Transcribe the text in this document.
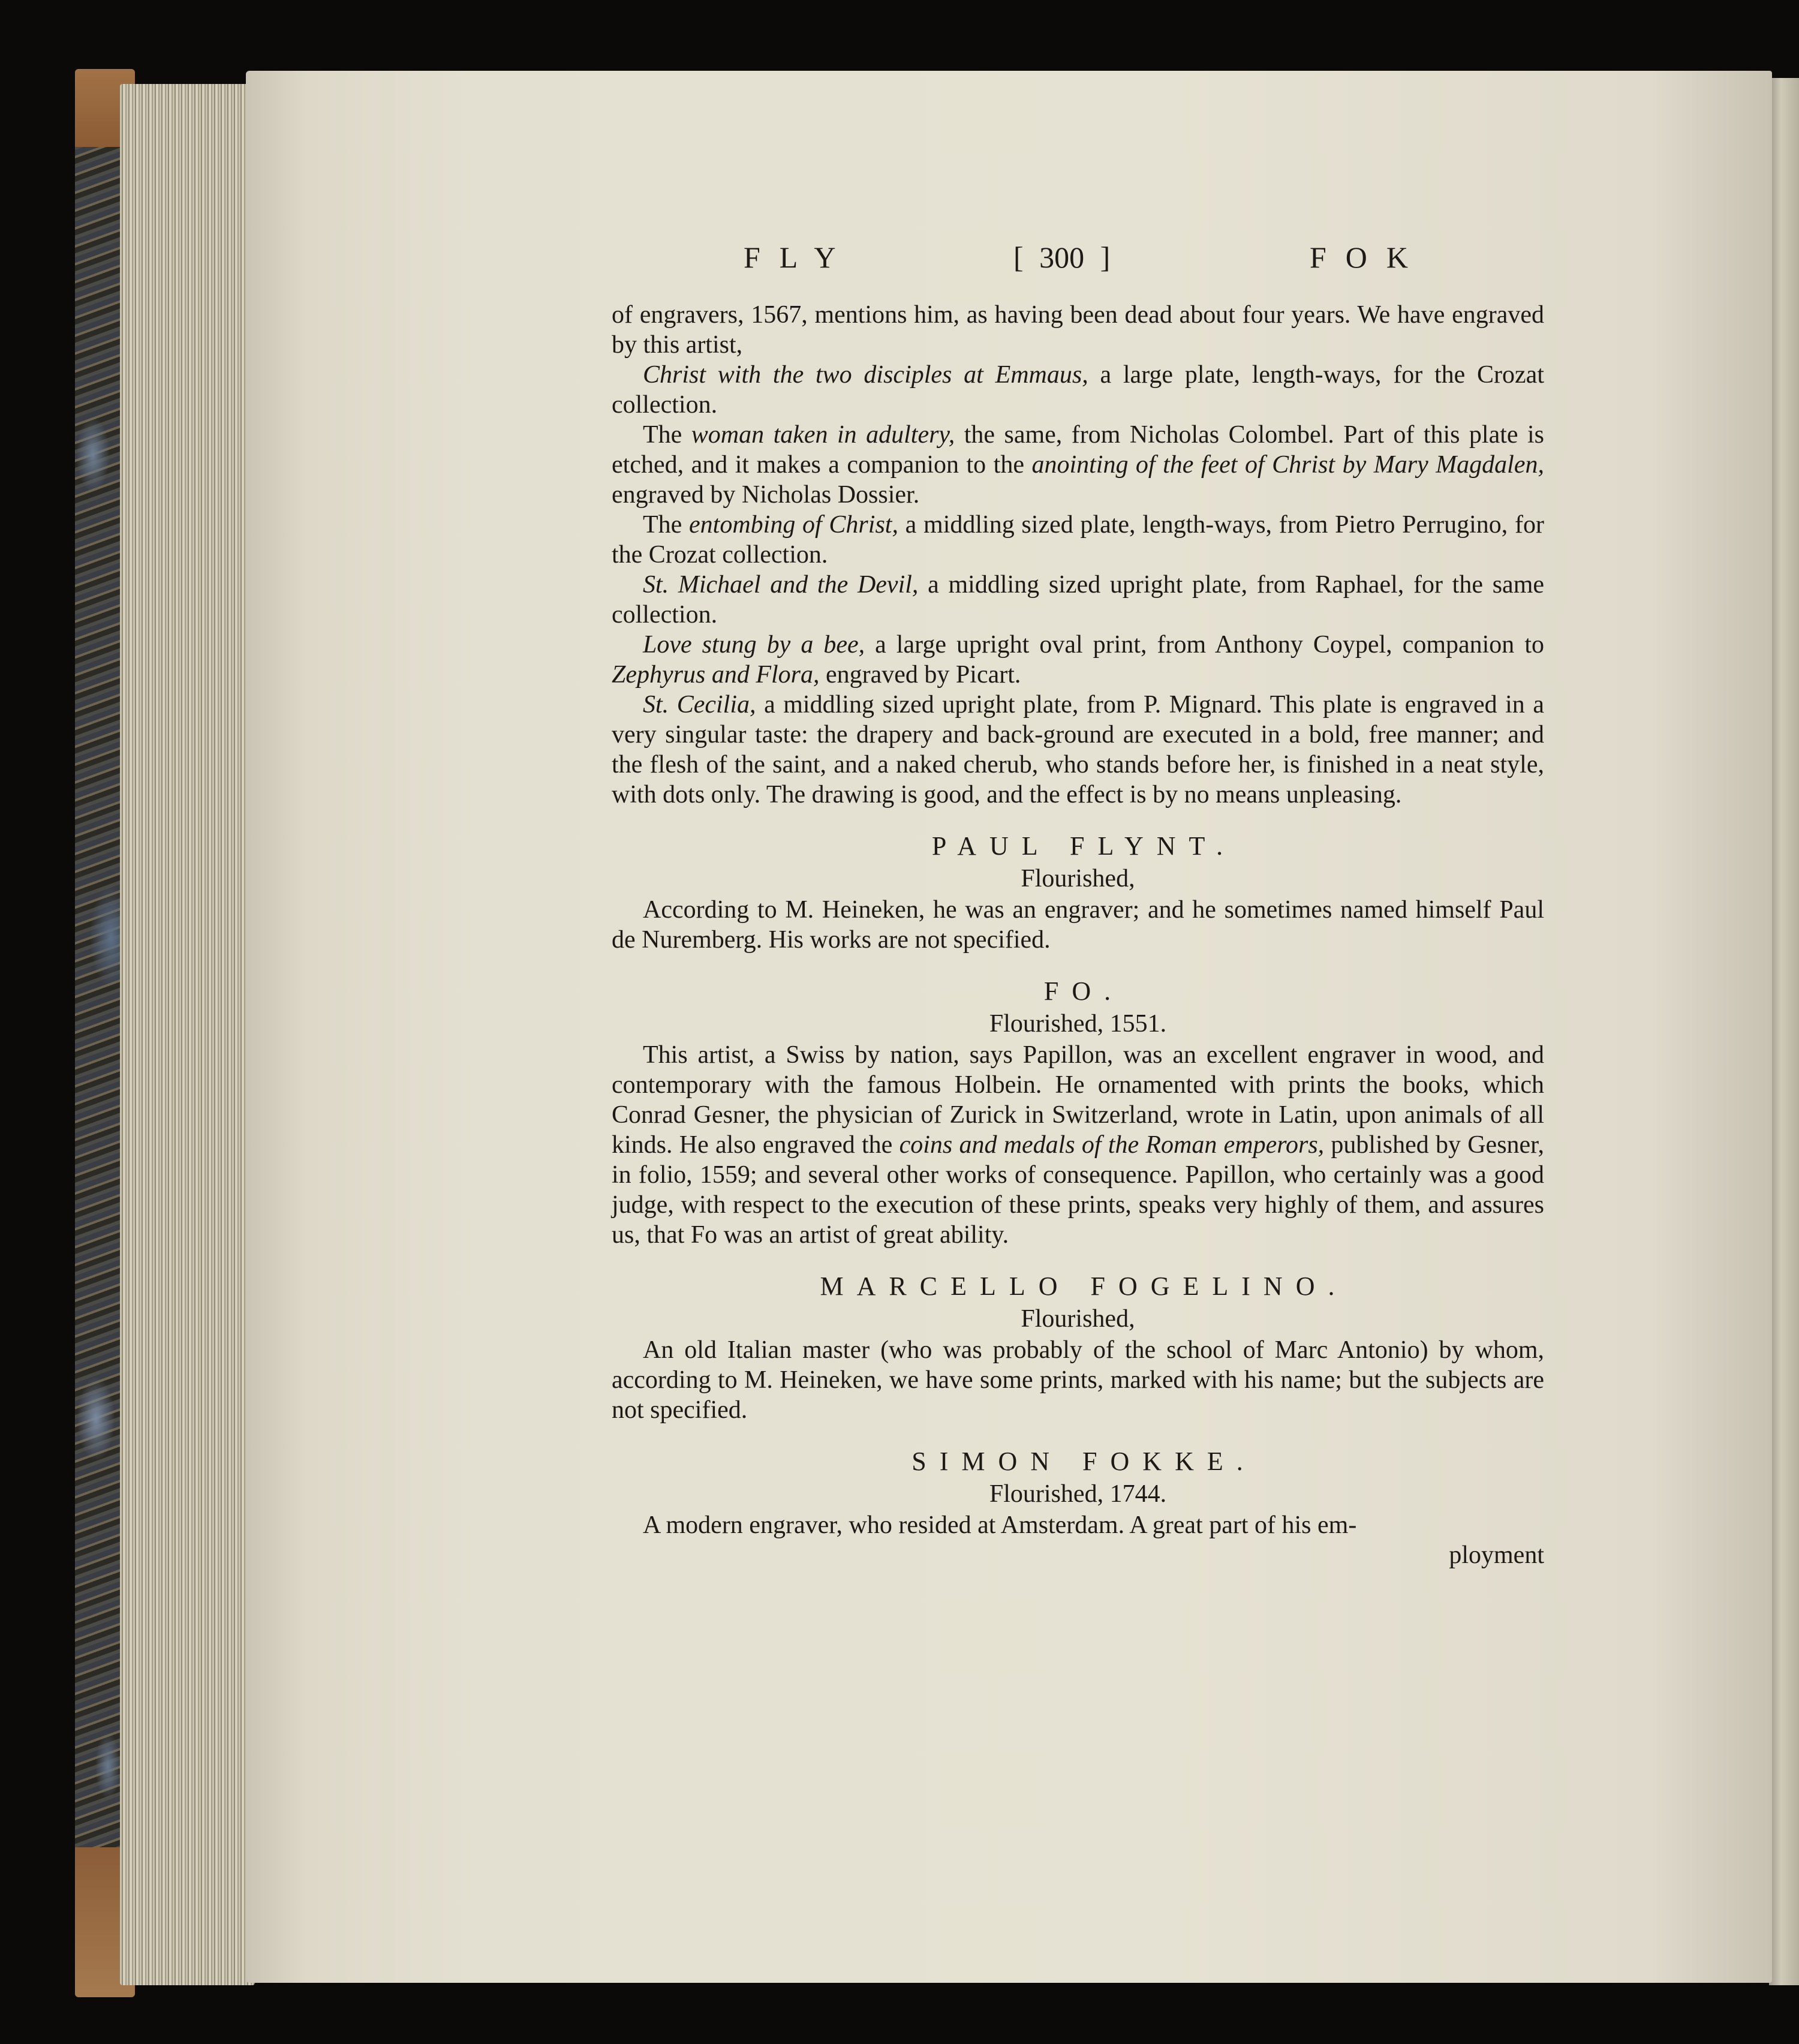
FLY	[ 300 ]	FOK

of engravers, 1567, mentions him, as having been dead about four years. We have engraved by this artist,

Christ with the two disciples at Emmaus, a large plate, length-ways, for the Crozat collection.

The woman taken in adultery, the same, from Nicholas Colombel. Part of this plate is etched, and it makes a companion to the anointing of the feet of Christ by Mary Magdalen, engraved by Nicholas Dossier.

The entombing of Christ, a middling sized plate, length-ways, from Pietro Perrugino, for the Crozat collection.

St. Michael and the Devil, a middling sized upright plate, from Raphael, for the same collection.

Love stung by a bee, a large upright oval print, from Anthony Coypel, companion to Zephyrus and Flora, engraved by Picart.

St. Cecilia, a middling sized upright plate, from P. Mignard. This plate is engraved in a very singular taste: the drapery and back-ground are executed in a bold, free manner; and the flesh of the saint, and a naked cherub, who stands before her, is finished in a neat style, with dots only. The drawing is good, and the effect is by no means unpleasing.

PAUL FLYNT.
Flourished,

According to M. Heineken, he was an engraver; and he sometimes named himself Paul de Nuremberg. His works are not specified.

FO.
Flourished, 1551.

This artist, a Swiss by nation, says Papillon, was an excellent engraver in wood, and contemporary with the famous Holbein. He ornamented with prints the books, which Conrad Gesner, the physician of Zurick in Switzerland, wrote in Latin, upon animals of all kinds. He also engraved the coins and medals of the Roman emperors, published by Gesner, in folio, 1559; and several other works of consequence. Papillon, who certainly was a good judge, with respect to the execution of these prints, speaks very highly of them, and assures us, that Fo was an artist of great ability.

MARCELLO FOGELINO.
Flourished,

An old Italian master (who was probably of the school of Marc Antonio) by whom, according to M. Heineken, we have some prints, marked with his name; but the subjects are not specified.

SIMON FOKKE.
Flourished, 1744.

A modern engraver, who resided at Amsterdam. A great part of his em-

ployment
